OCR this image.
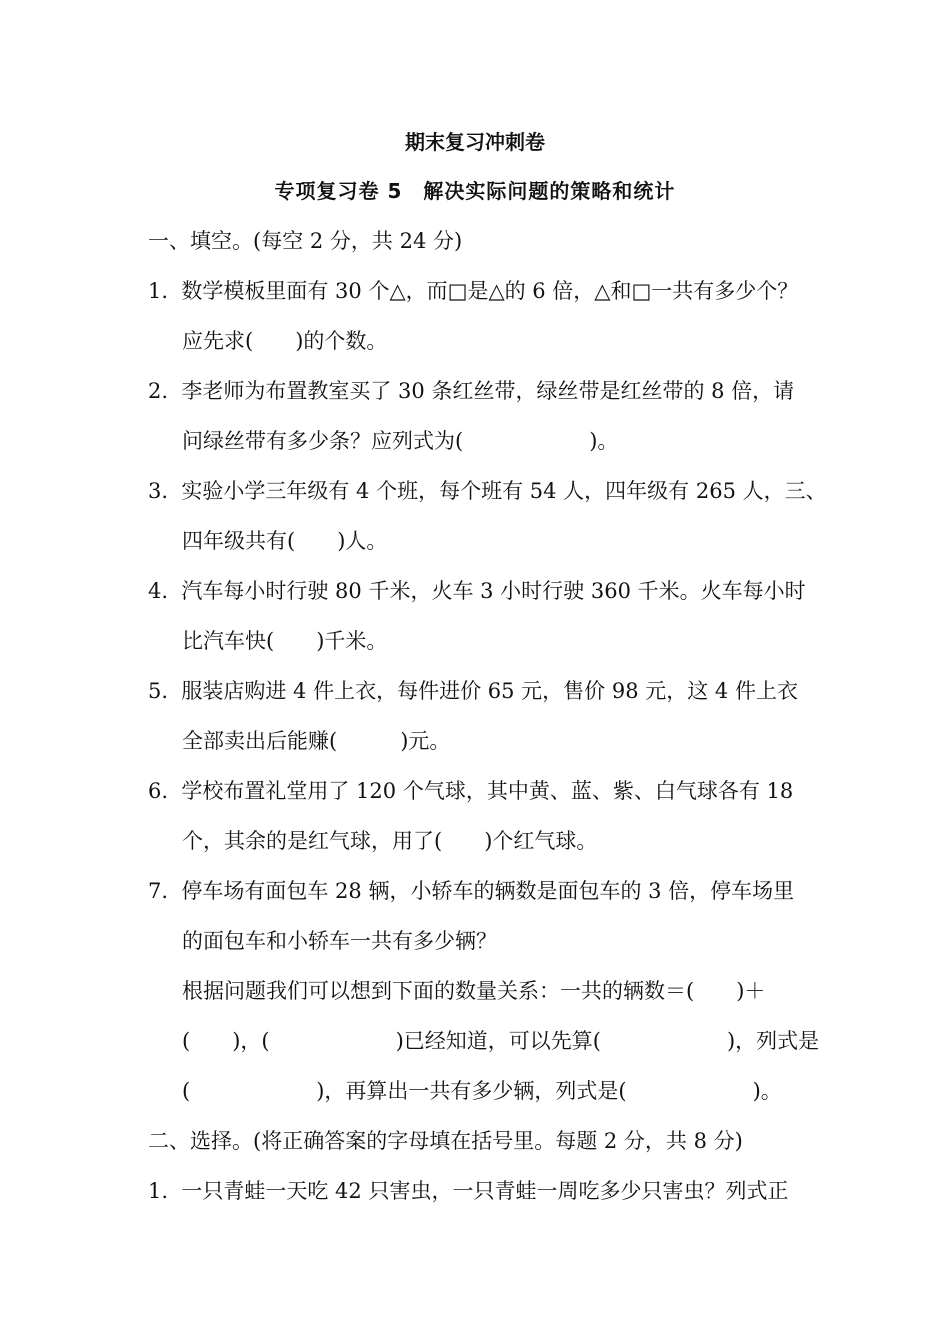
期末复习冲刺卷
专项复习卷 5　解决实际问题的策略和统计
一、填空。(每空 2 分，共 24 分)
1.  数学模板里面有 30 个△，而□是△的 6 倍，△和□一共有多少个？
应先求(　　)的个数。
2.  李老师为布置教室买了 30 条红丝带，绿丝带是红丝带的 8 倍，请
问绿丝带有多少条？应列式为(　　　　　　)。
3.  实验小学三年级有 4 个班，每个班有 54 人，四年级有 265 人，三、
四年级共有(　　)人。
4.  汽车每小时行驶 80 千米，火车 3 小时行驶 360 千米。火车每小时
比汽车快(　　)千米。
5.  服装店购进 4 件上衣，每件进价 65 元，售价 98 元，这 4 件上衣
全部卖出后能赚(　　　)元。
6.  学校布置礼堂用了 120 个气球，其中黄、蓝、紫、白气球各有 18
个，其余的是红气球，用了(　　)个红气球。
7.  停车场有面包车 28 辆，小轿车的辆数是面包车的 3 倍，停车场里
的面包车和小轿车一共有多少辆？
根据问题我们可以想到下面的数量关系：一共的辆数＝(　　)＋
(　　)，(　　　　　　)已经知道，可以先算(　　　　　　)，列式是
(　　　　　　)，再算出一共有多少辆，列式是(　　　　　　)。
二、选择。(将正确答案的字母填在括号里。每题 2 分，共 8 分)
1.  一只青蛙一天吃 42 只害虫，一只青蛙一周吃多少只害虫？列式正
